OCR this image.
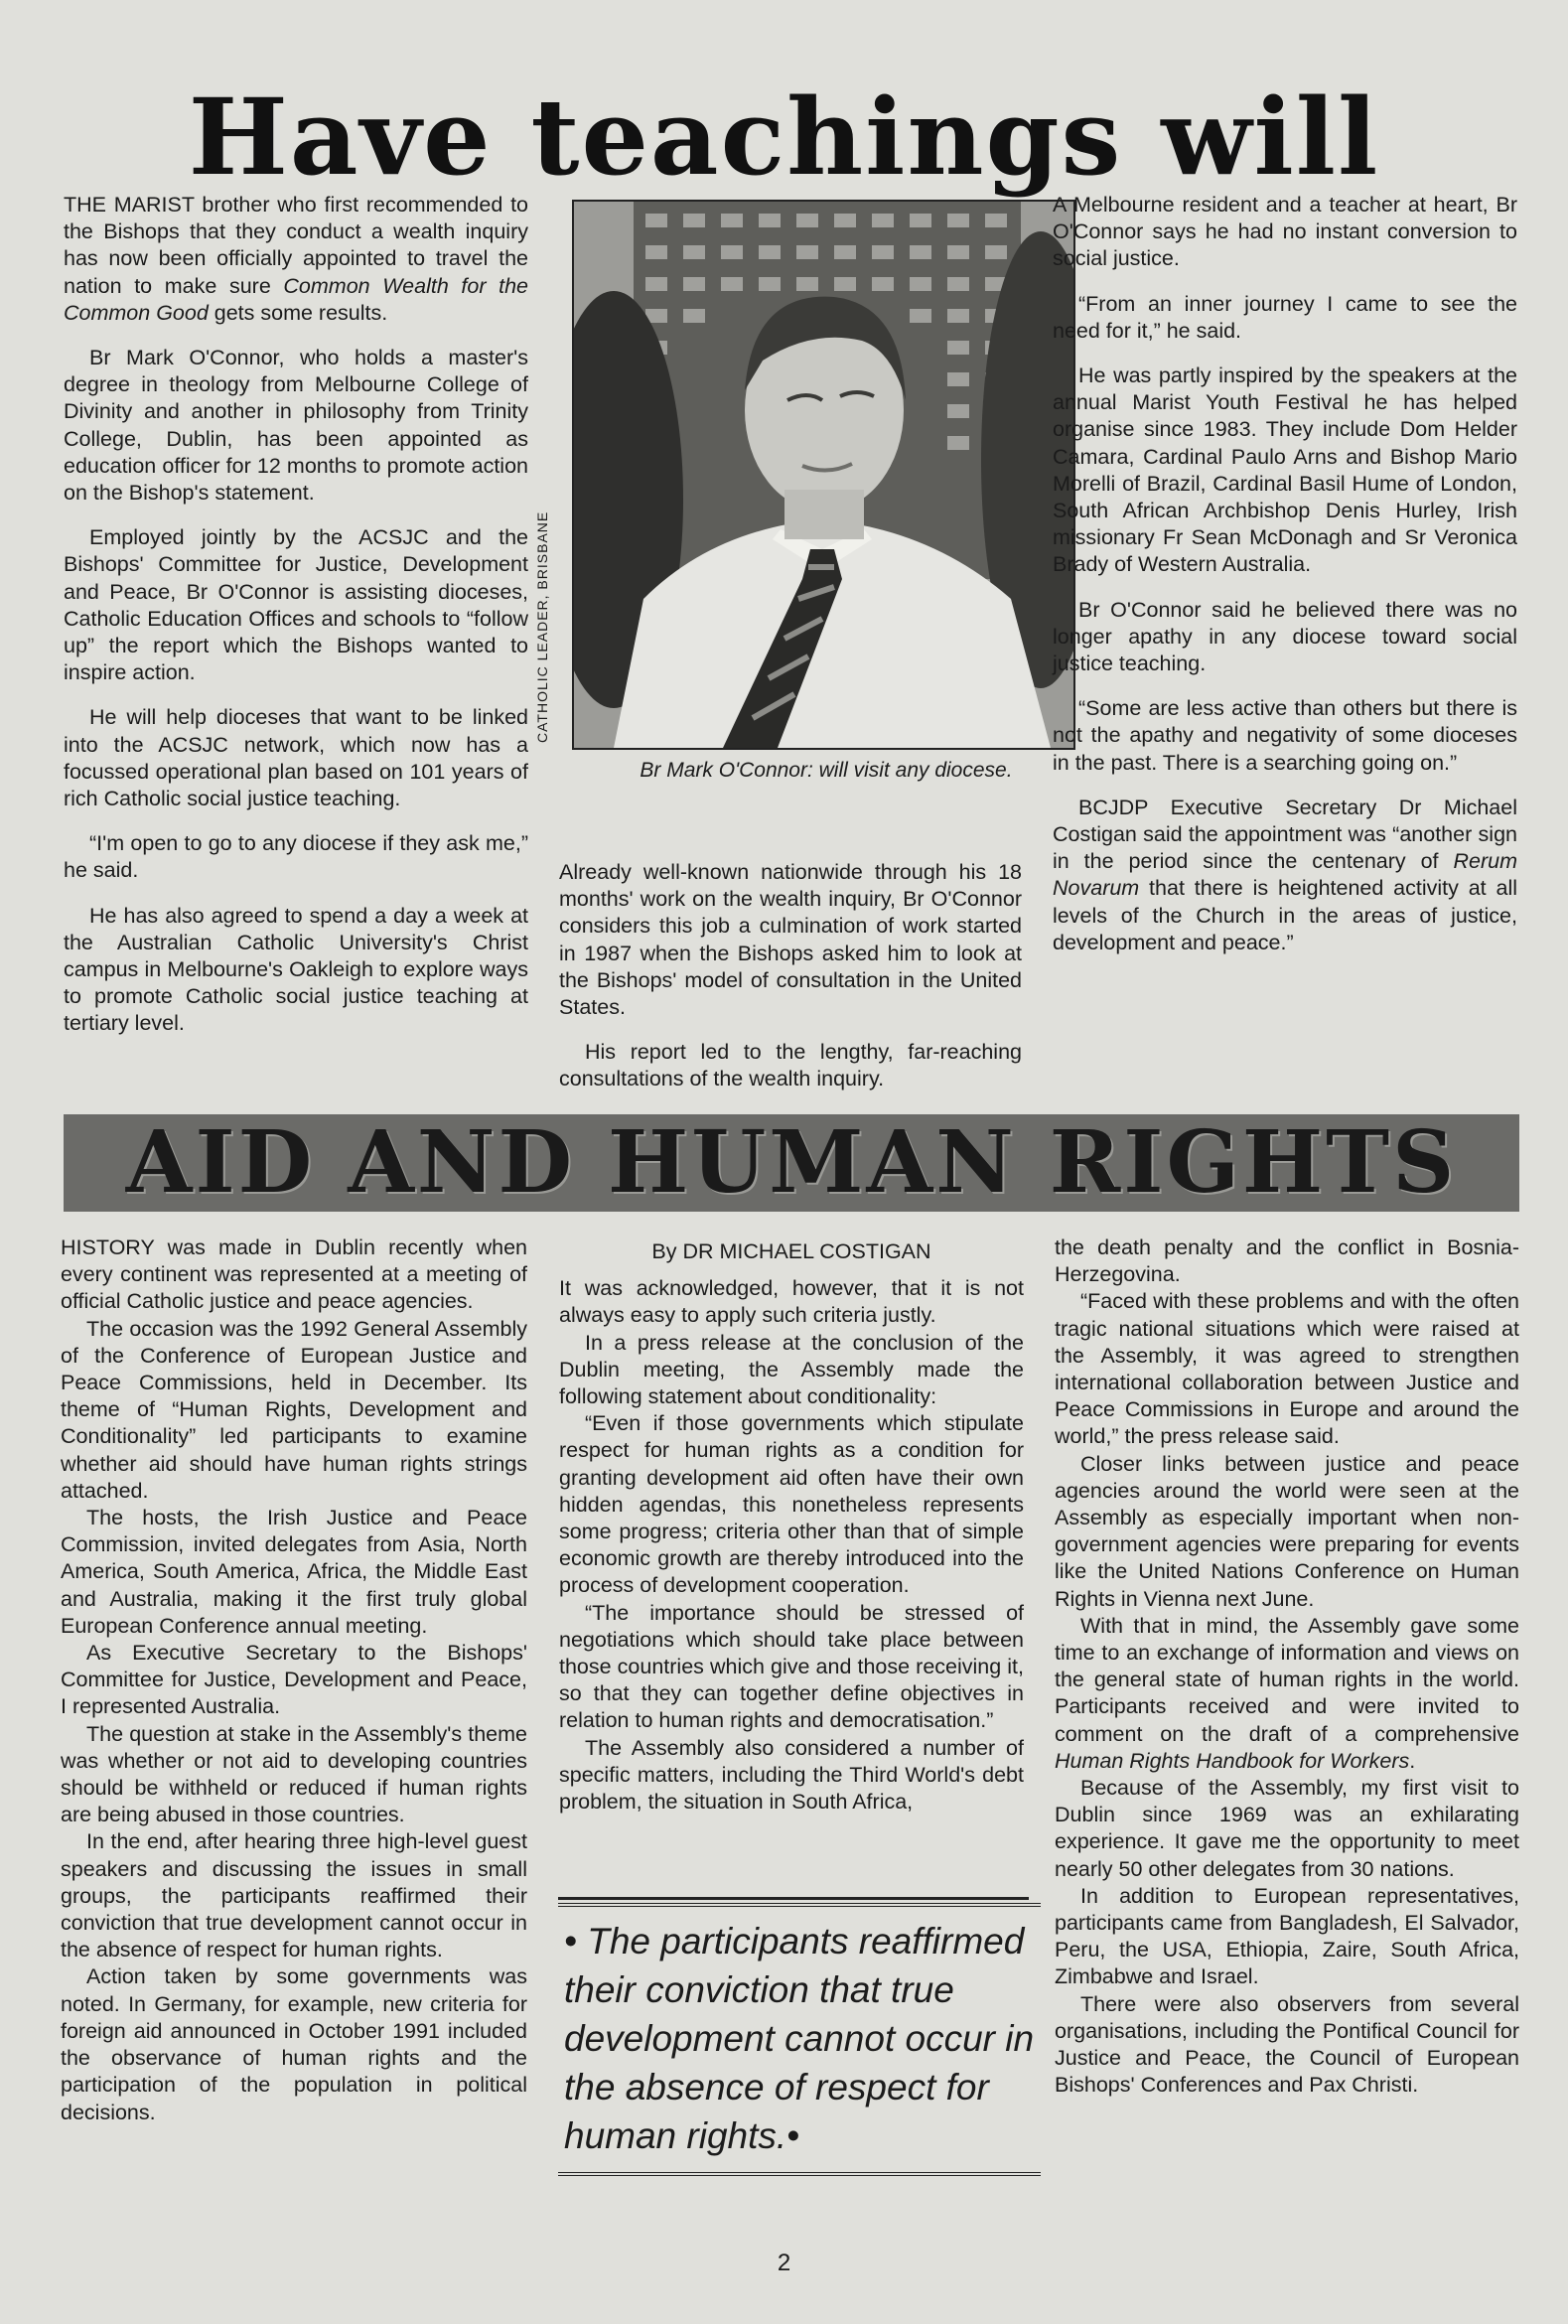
Have teachings will

THE MARIST brother who first recommended to the Bishops that they conduct a wealth inquiry has now been officially appointed to travel the nation to make sure Common Wealth for the Common Good gets some results.

Br Mark O'Connor, who holds a master's degree in theology from Melbourne College of Divinity and another in philosophy from Trinity College, Dublin, has been appointed as education officer for 12 months to promote action on the Bishop's statement.

Employed jointly by the ACSJC and the Bishops' Committee for Justice, Development and Peace, Br O'Connor is assisting dioceses, Catholic Education Offices and schools to “follow up” the report which the Bishops wanted to inspire action.

He will help dioceses that want to be linked into the ACSJC network, which now has a focussed operational plan based on 101 years of rich Catholic social justice teaching.

“I'm open to go to any diocese if they ask me,” he said.

He has also agreed to spend a day a week at the Australian Catholic University's Christ campus in Melbourne's Oakleigh to explore ways to promote Catholic social justice teaching at tertiary level.

CATHOLIC LEADER, BRISBANE
Br Mark O'Connor: will visit any diocese.

Already well-known nationwide through his 18 months' work on the wealth inquiry, Br O'Connor considers this job a culmination of work started in 1987 when the Bishops asked him to look at the Bishops' model of consultation in the United States.

His report led to the lengthy, far-reaching consultations of the wealth inquiry.

A Melbourne resident and a teacher at heart, Br O'Connor says he had no instant conversion to social justice.

“From an inner journey I came to see the need for it,” he said.

He was partly inspired by the speakers at the annual Marist Youth Festival he has helped organise since 1983. They include Dom Helder Camara, Cardinal Paulo Arns and Bishop Mario Morelli of Brazil, Cardinal Basil Hume of London, South African Archbishop Denis Hurley, Irish missionary Fr Sean McDonagh and Sr Veronica Brady of Western Australia.

Br O'Connor said he believed there was no longer apathy in any diocese toward social justice teaching.

“Some are less active than others but there is not the apathy and negativity of some dioceses in the past. There is a searching going on.”

BCJDP Executive Secretary Dr Michael Costigan said the appointment was “another sign in the period since the centenary of Rerum Novarum that there is heightened activity at all levels of the Church in the areas of justice, development and peace.”

AID AND HUMAN RIGHTS

HISTORY was made in Dublin recently when every continent was represented at a meeting of official Catholic justice and peace agencies.

The occasion was the 1992 General Assembly of the Conference of European Justice and Peace Commissions, held in December. Its theme of “Human Rights, Development and Conditionality” led participants to examine whether aid should have human rights strings attached.

The hosts, the Irish Justice and Peace Commission, invited delegates from Asia, North America, South America, Africa, the Middle East and Australia, making it the first truly global European Conference annual meeting.

As Executive Secretary to the Bishops' Committee for Justice, Development and Peace, I represented Australia.

The question at stake in the Assembly's theme was whether or not aid to developing countries should be withheld or reduced if human rights are being abused in those countries.

In the end, after hearing three high-level guest speakers and discussing the issues in small groups, the participants reaffirmed their conviction that true development cannot occur in the absence of respect for human rights.

Action taken by some governments was noted. In Germany, for example, new criteria for foreign aid announced in October 1991 included the observance of human rights and the participation of the population in political decisions.

By DR MICHAEL COSTIGAN

It was acknowledged, however, that it is not always easy to apply such criteria justly.

In a press release at the conclusion of the Dublin meeting, the Assembly made the following statement about conditionality:

“Even if those governments which stipulate respect for human rights as a condition for granting development aid often have their own hidden agendas, this nonetheless represents some progress; criteria other than that of simple economic growth are thereby introduced into the process of development cooperation.

“The importance should be stressed of negotiations which should take place between those countries which give and those receiving it, so that they can together define objectives in relation to human rights and democratisation.”

The Assembly also considered a number of specific matters, including the Third World's debt problem, the situation in South Africa,

• The participants reaffirmed their conviction that true development cannot occur in the absence of respect for human rights.•

the death penalty and the conflict in Bosnia-Herzegovina.

“Faced with these problems and with the often tragic national situations which were raised at the Assembly, it was agreed to strengthen international collaboration between Justice and Peace Commissions in Europe and around the world,” the press release said.

Closer links between justice and peace agencies around the world were seen at the Assembly as especially important when non-government agencies were preparing for events like the United Nations Conference on Human Rights in Vienna next June.

With that in mind, the Assembly gave some time to an exchange of information and views on the general state of human rights in the world. Participants received and were invited to comment on the draft of a comprehensive Human Rights Handbook for Workers.

Because of the Assembly, my first visit to Dublin since 1969 was an exhilarating experience. It gave me the opportunity to meet nearly 50 other delegates from 30 nations.

In addition to European representatives, participants came from Bangladesh, El Salvador, Peru, the USA, Ethiopia, Zaire, South Africa, Zimbabwe and Israel.

There were also observers from several organisations, including the Pontifical Council for Justice and Peace, the Council of European Bishops' Conferences and Pax Christi.

2
